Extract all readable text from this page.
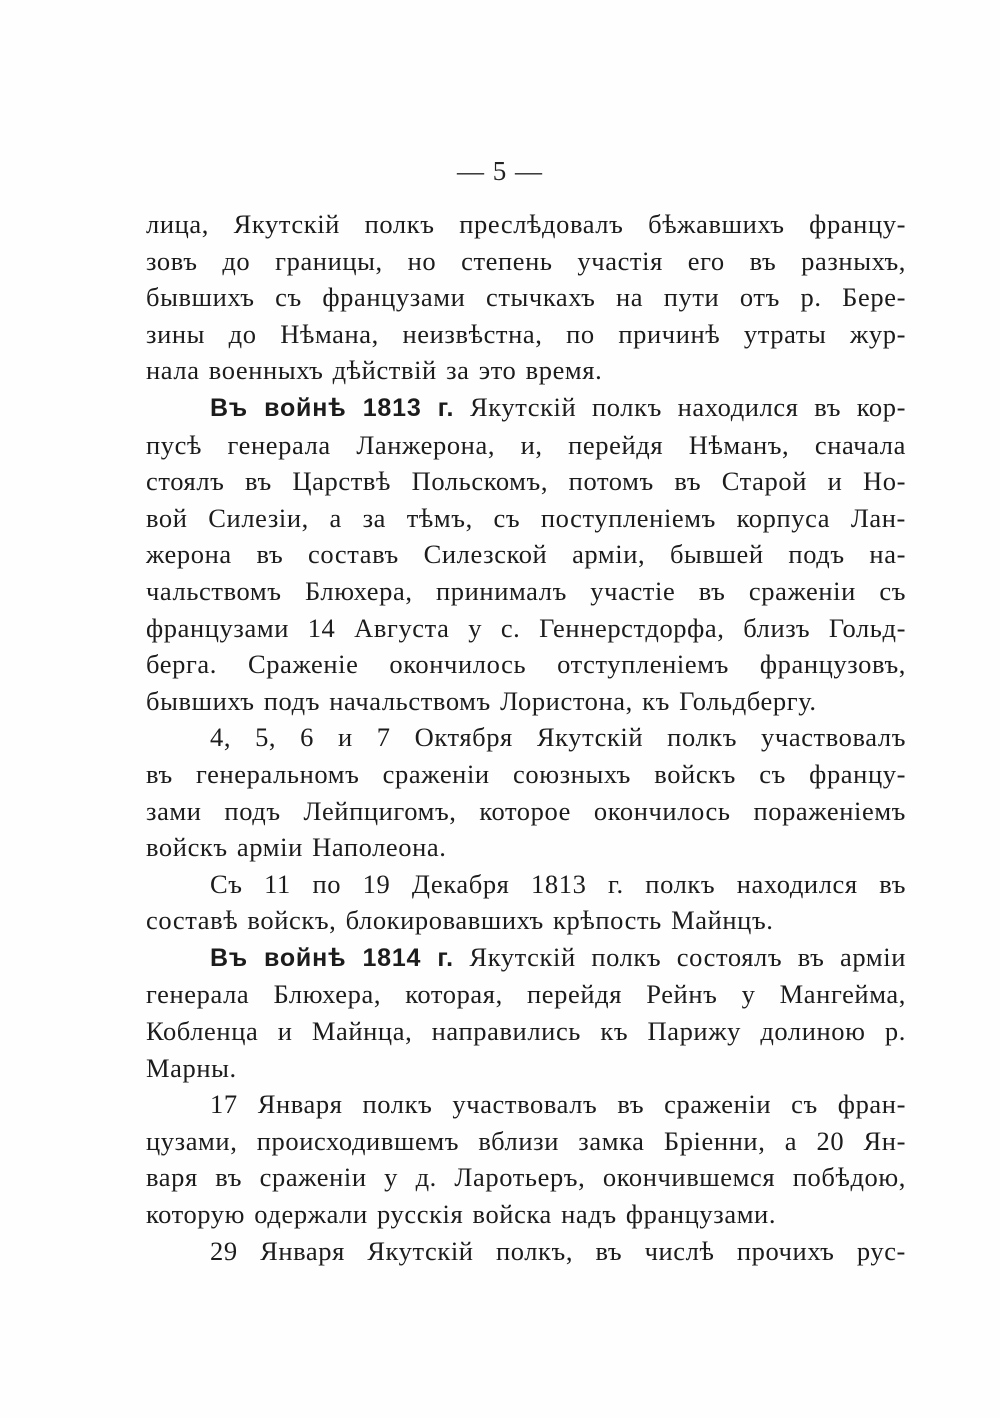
— 5 —
лица, Якутскій полкъ преслѣдовалъ бѣжавшихъ францу-
зовъ до границы, но степень участія его въ разныхъ,
бывшихъ съ французами стычкахъ на пути отъ р. Бере-
зины до Нѣмана, неизвѣстна, по причинѣ утраты жур-
нала военныхъ дѣйствій за это время.
Въ войнѣ 1813 г. Якутскій полкъ находился въ кор-
пусѣ генерала Ланжерона, и, перейдя Нѣманъ, сначала
стоялъ въ Царствѣ Польскомъ, потомъ въ Старой и Но-
вой Силезіи, а за тѣмъ, съ поступленіемъ корпуса Лан-
жерона въ составъ Силезской арміи, бывшей подъ на-
чальствомъ Блюхера, принималъ участіе въ сраженіи съ
французами 14 Августа у с. Геннерстдорфа, близъ Гольд-
берга. Сраженіе окончилось отступленіемъ французовъ,
бывшихъ подъ начальствомъ Лористона, къ Гольдбергу.
4, 5, 6 и 7 Октября Якутскій полкъ участвовалъ
въ генеральномъ сраженіи союзныхъ войскъ съ францу-
зами подъ Лейпцигомъ, которое окончилось пораженіемъ
войскъ арміи Наполеона.
Съ 11 по 19 Декабря 1813 г. полкъ находился въ
составѣ войскъ, блокировавшихъ крѣпость Майнцъ.
Въ войнѣ 1814 г. Якутскій полкъ состоялъ въ арміи
генерала Блюхера, которая, перейдя Рейнъ у Мангейма,
Кобленца и Майнца, направились къ Парижу долиною р.
Марны.
17 Января полкъ участвовалъ въ сраженіи съ фран-
цузами, происходившемъ вблизи замка Бріенни, а 20 Ян-
варя въ сраженіи у д. Ларотьеръ, окончившемся побѣдою,
которую одержали русскія войска надъ французами.
29 Января Якутскій полкъ, въ числѣ прочихъ рус-
